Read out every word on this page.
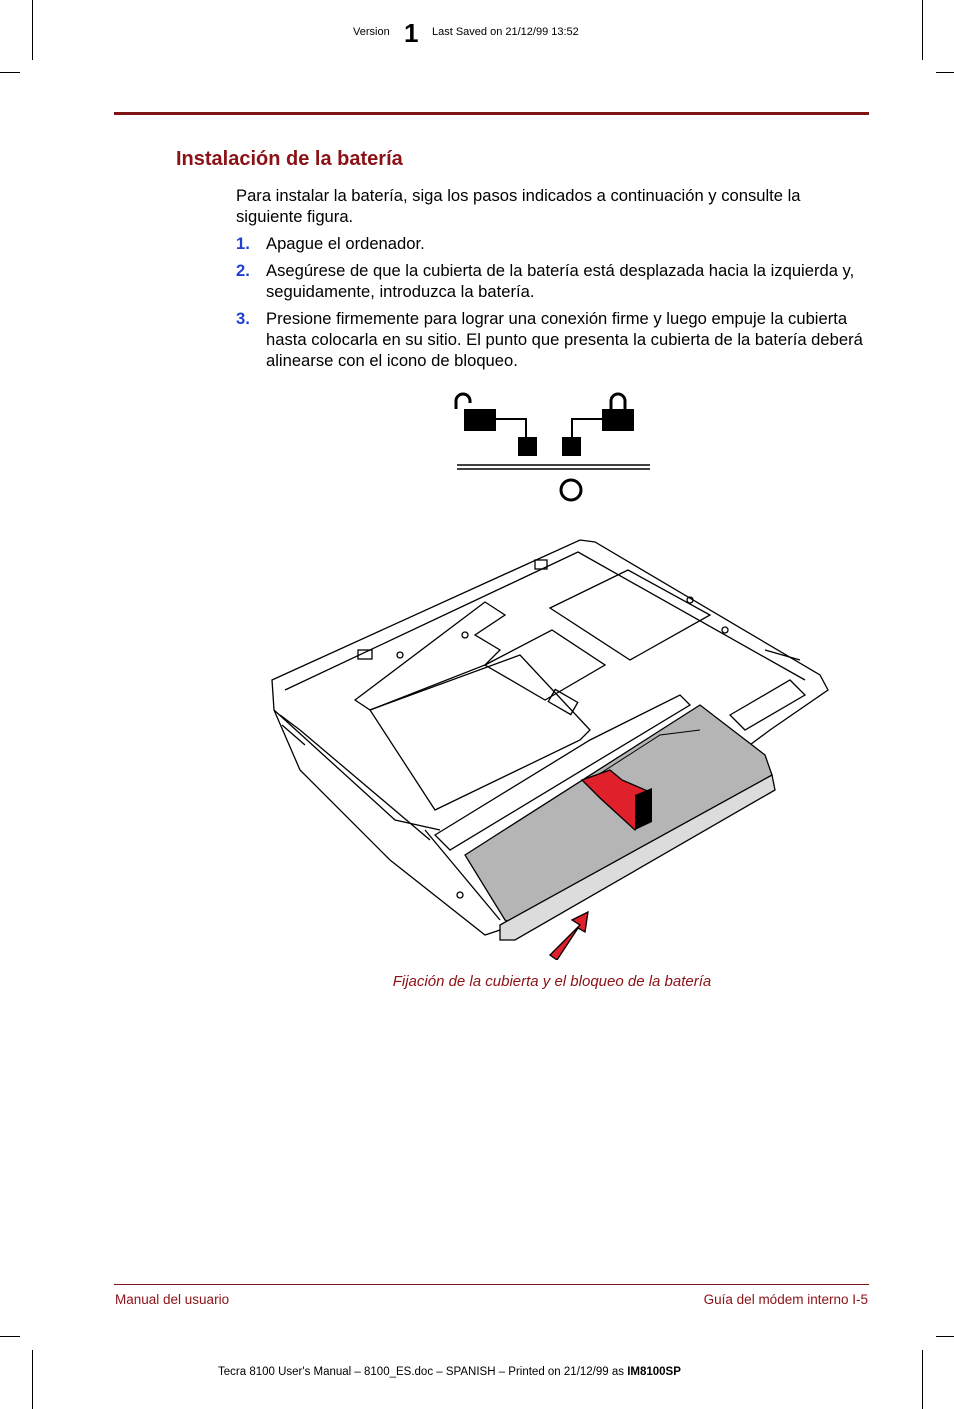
Version 1 Last Saved on 21/12/99 13:52
Instalación de la batería
Para instalar la batería, siga los pasos indicados a continuación y consulte la siguiente figura.
1. Apague el ordenador.
2. Asegúrese de que la cubierta de la batería está desplazada hacia la izquierda y, seguidamente, introduzca la batería.
3. Presione firmemente para lograr una conexión firme y luego empuje la cubierta hasta colocarla en su sitio. El punto que presenta la cubierta de la batería deberá alinearse con el icono de bloqueo.
Fijación de la cubierta y el bloqueo de la batería
Manual del usuario	Guía del módem interno I-5
Tecra 8100 User's Manual – 8100_ES.doc – SPANISH – Printed on 21/12/99 as IM8100SP
